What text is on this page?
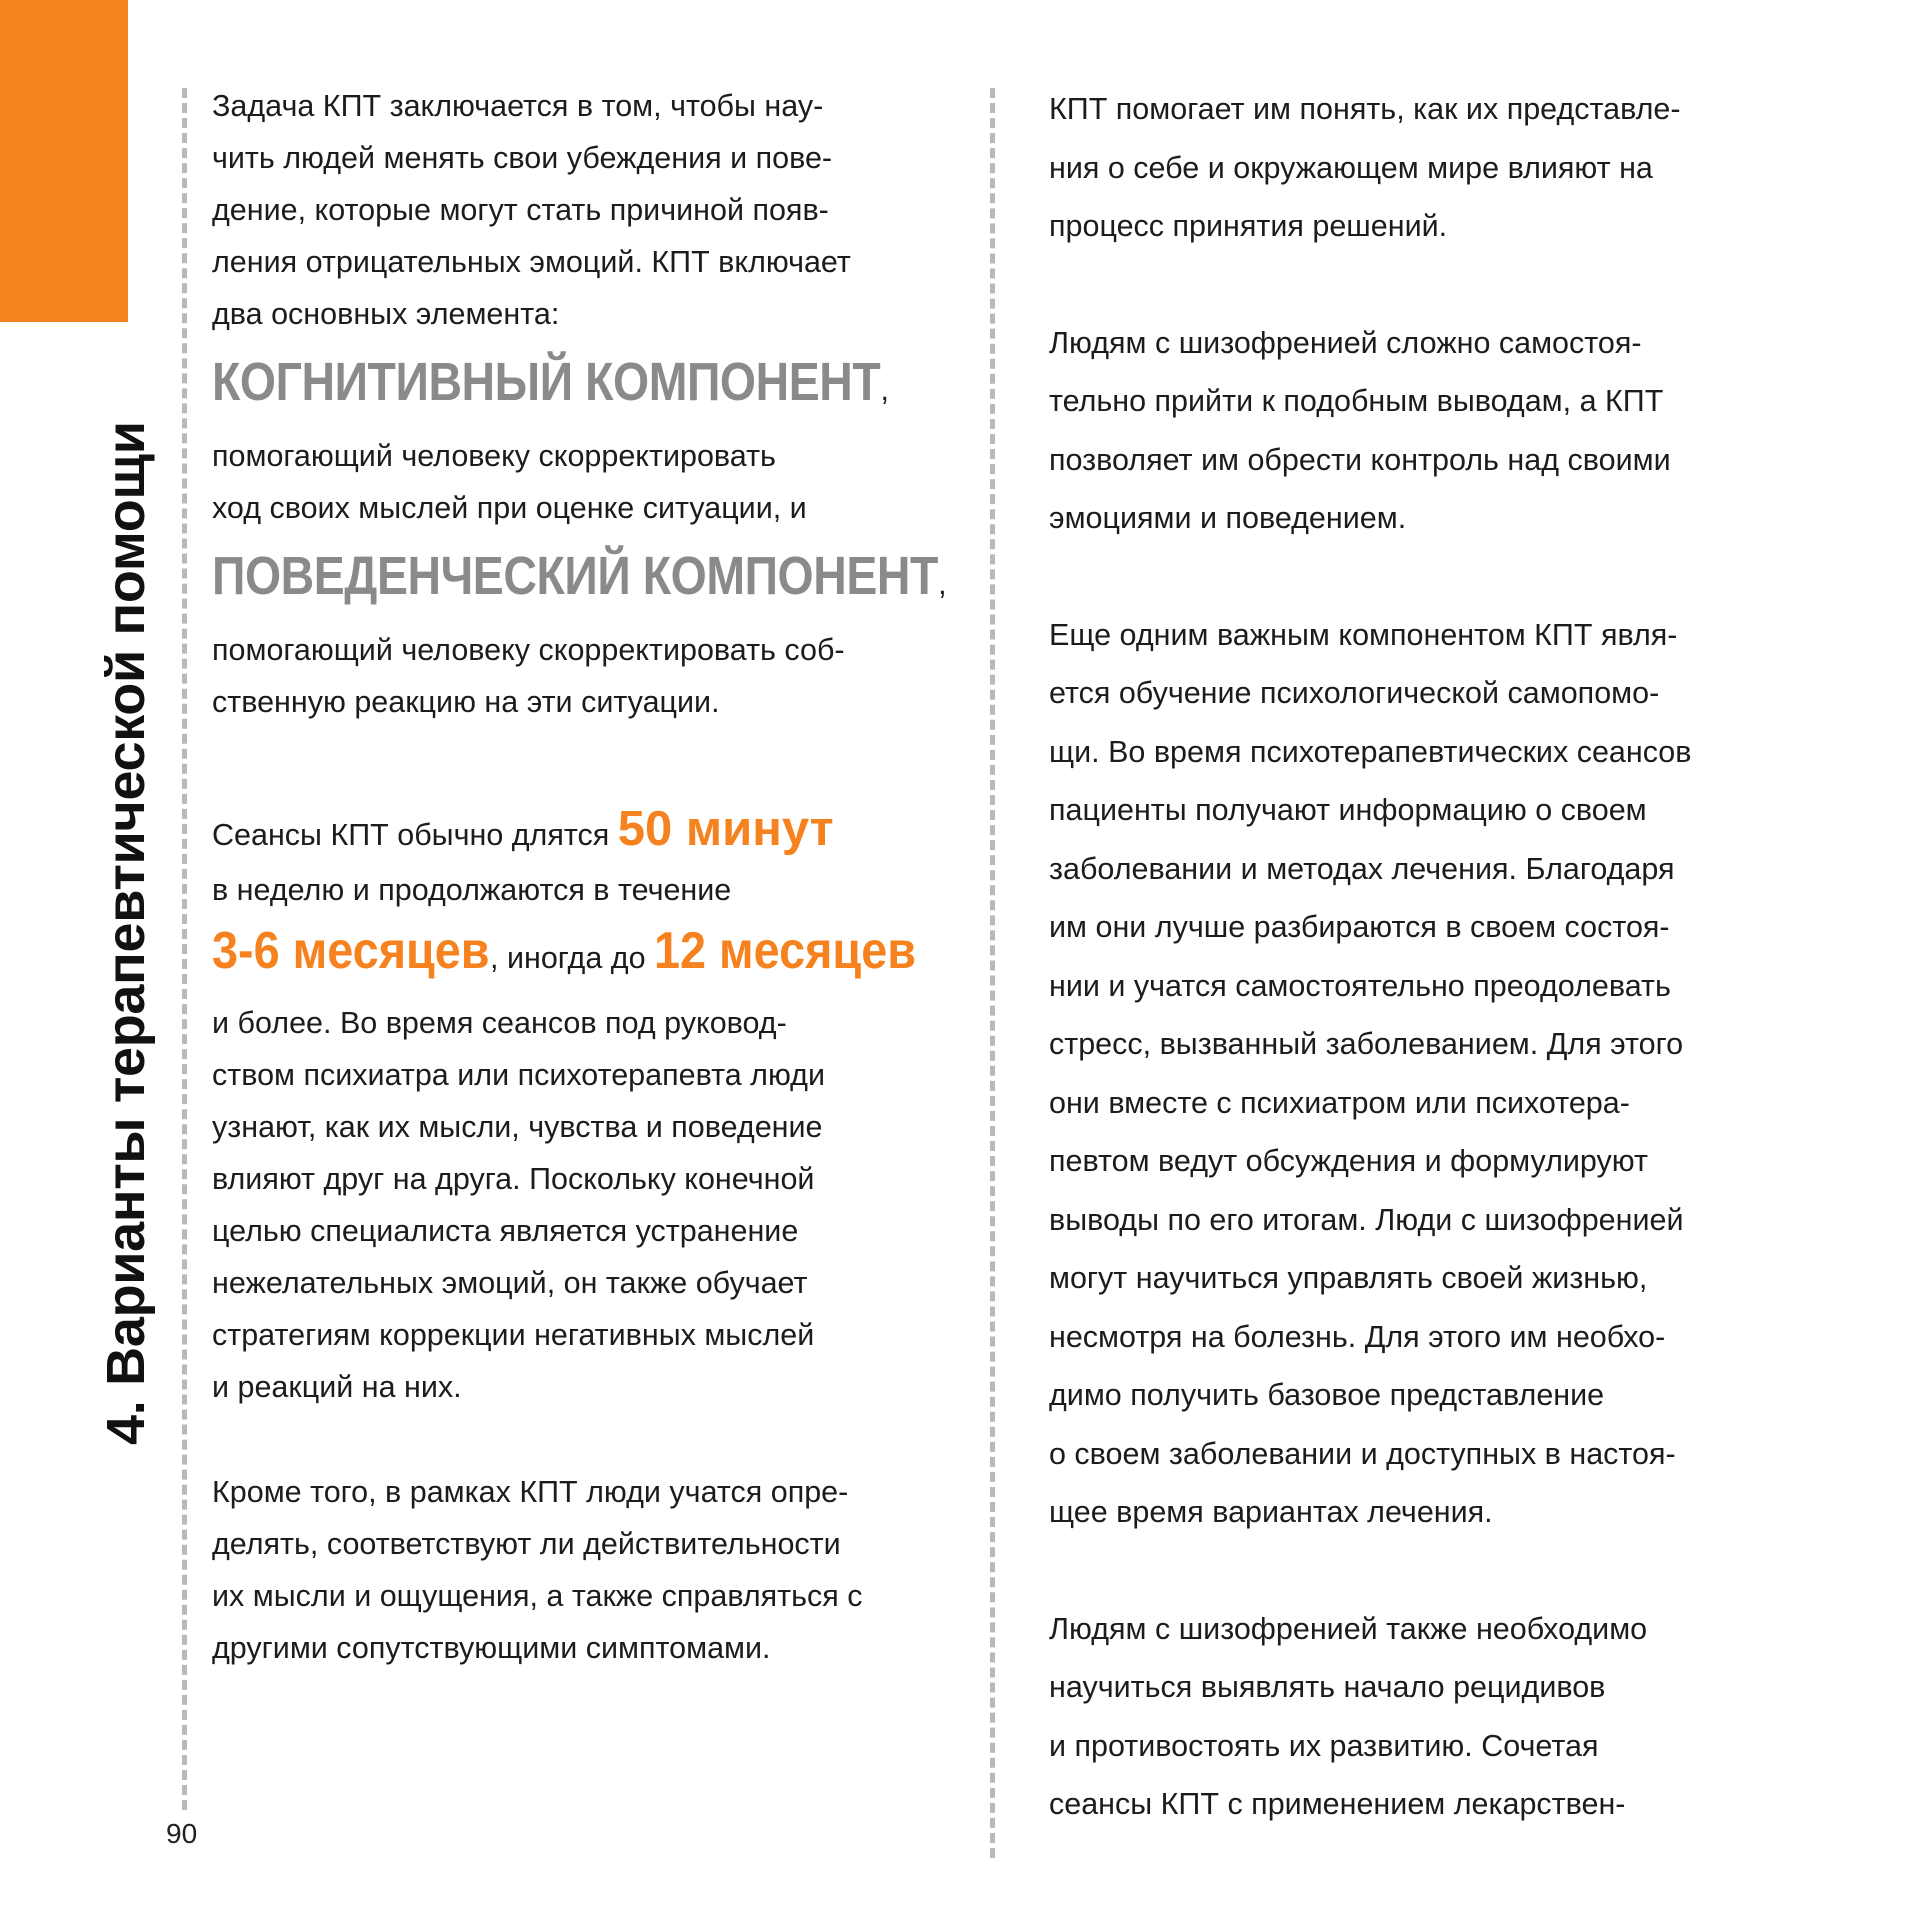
4. Варианты терапевтической помощи
90
Задача КПТ заключается в том, чтобы нау-
чить людей менять свои убеждения и пове-
дение, которые могут стать причиной появ-
ления отрицательных эмоций. КПТ включает
два основных элемента:
КОГНИТИВНЫЙ КОМПОНЕНТ,
помогающий человеку скорректировать
ход своих мыслей при оценке ситуации, и
ПОВЕДЕНЧЕСКИЙ КОМПОНЕНТ,
помогающий человеку скорректировать соб-
ственную реакцию на эти ситуации.
Сеансы КПТ обычно длятся 50 минут
в неделю и продолжаются в течение
3-6 месяцев, иногда до 12 месяцев
и более. Во время сеансов под руковод-
ством психиатра или психотерапевта люди
узнают, как их мысли, чувства и поведение
влияют друг на друга. Поскольку конечной
целью специалиста является устранение
нежелательных эмоций, он также обучает
стратегиям коррекции негативных мыслей
и реакций на них.
Кроме того, в рамках КПТ люди учатся опре-
делять, соответствуют ли действительности
их мысли и ощущения, а также справляться с
другими сопутствующими симптомами.
КПТ помогает им понять, как их представле-
ния о себе и окружающем мире влияют на
процесс принятия решений.
Людям с шизофренией сложно самостоя-
тельно прийти к подобным выводам, а КПТ
позволяет им обрести контроль над своими
эмоциями и поведением.
Еще одним важным компонентом КПТ явля-
ется обучение психологической самопомо-
щи. Во время психотерапевтических сеансов
пациенты получают информацию о своем
заболевании и методах лечения. Благодаря
им они лучше разбираются в своем состоя-
нии и учатся самостоятельно преодолевать
стресс, вызванный заболеванием. Для этого
они вместе с психиатром или психотера-
певтом ведут обсуждения и формулируют
выводы по его итогам. Люди с шизофренией
могут научиться управлять своей жизнью,
несмотря на болезнь. Для этого им необхо-
димо получить базовое представление
о своем заболевании и доступных в настоя-
щее время вариантах лечения.
Людям с шизофренией также необходимо
научиться выявлять начало рецидивов
и противостоять их развитию. Сочетая
сеансы КПТ с применением лекарствен-
